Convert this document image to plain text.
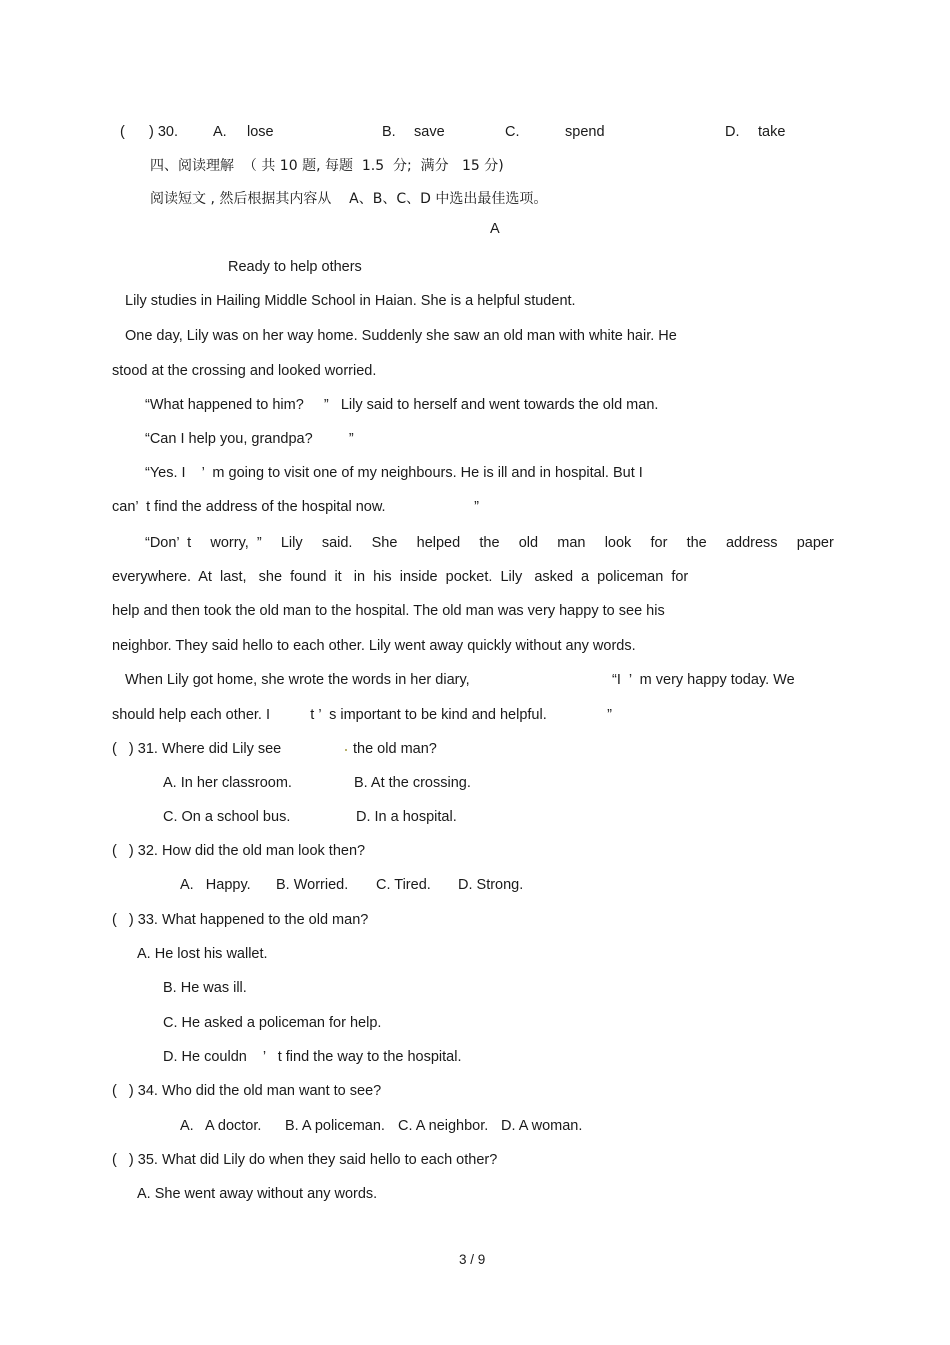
(      ) 30. A. lose	B. save	C.	spend	D. take
四、阅读理解  （ 共 10 题, 每题  1.5  分;  满分   15 分)
阅读短文 , 然后根据其内容从    A、B、C、D 中选出最佳选项。
A
Ready to help others
Lily studies in Hailing Middle School in Haian. She is a helpful student.
One day, Lily was on her way home. Suddenly she saw an old man with white hair. He
stood at the crossing and looked worried.
“What happened to him?     ”   Lily said to herself and went towards the old man.
“Can I help you, grandpa?         ”
“Yes. I    ’  m going to visit one of my neighbours. He is ill and in hospital. But I
can’  t find the address of the hospital now.                      ”
“Don’  t worry,  ” Lily said. She helped the old man look for the address paper
everywhere.  At  last,   she  found  it   in  his  inside  pocket.  Lily   asked  a  policeman  for
help and then took the old man to the hospital. The old man was very happy to see his
neighbor. They said hello to each other. Lily went away quickly without any words.
When Lily got home, she wrote the words in her diary,	“I  ’  m very happy today. We
should help each other. I          t ’  s important to be kind and helpful.               ”
(   ) 31. Where did Lily see	the old man?
A. In her classroom.	B. At the crossing.
C. On a school bus.	D. In a hospital.
(   ) 32. How did the old man look then?
A.   Happy. B. Worried. C. Tired. D. Strong.
(   ) 33. What happened to the old man?
A. He lost his wallet.
B. He was ill.
C. He asked a policeman for help.
D. He couldn    ’   t find the way to the hospital.
(   ) 34. Who did the old man want to see?
A.   A doctor. B. A policeman. C. A neighbor. D. A woman.
(   ) 35. What did Lily do when they said hello to each other?
A. She went away without any words.
3 / 9
